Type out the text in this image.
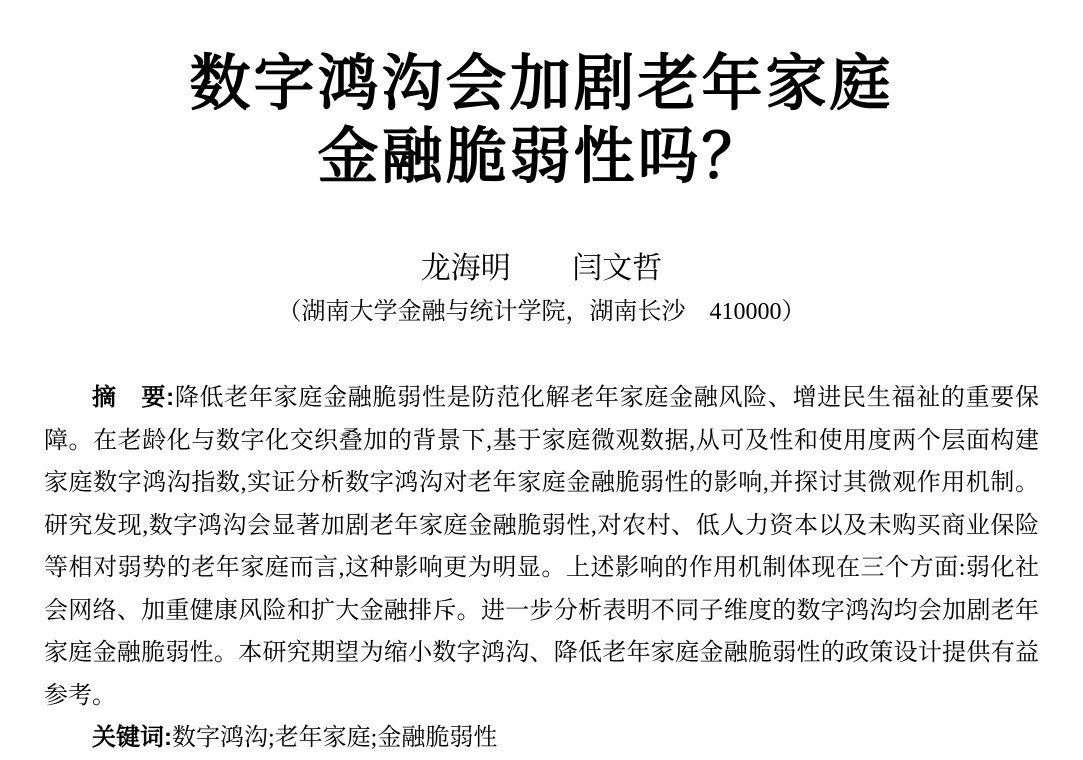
数字鸿沟会加剧老年家庭
金融脆弱性吗？
龙海明 闫文哲
（湖南大学金融与统计学院，湖南长沙　410000）

摘　要:降低老年家庭金融脆弱性是防范化解老年家庭金融风险、增进民生福祉的重要保障。在老龄化与数字化交织叠加的背景下,基于家庭微观数据,从可及性和使用度两个层面构建家庭数字鸿沟指数,实证分析数字鸿沟对老年家庭金融脆弱性的影响,并探讨其微观作用机制。研究发现,数字鸿沟会显著加剧老年家庭金融脆弱性,对农村、低人力资本以及未购买商业保险等相对弱势的老年家庭而言,这种影响更为明显。上述影响的作用机制体现在三个方面:弱化社会网络、加重健康风险和扩大金融排斥。进一步分析表明不同子维度的数字鸿沟均会加剧老年家庭金融脆弱性。本研究期望为缩小数字鸿沟、降低老年家庭金融脆弱性的政策设计提供有益参考。

关键词:数字鸿沟;老年家庭;金融脆弱性
